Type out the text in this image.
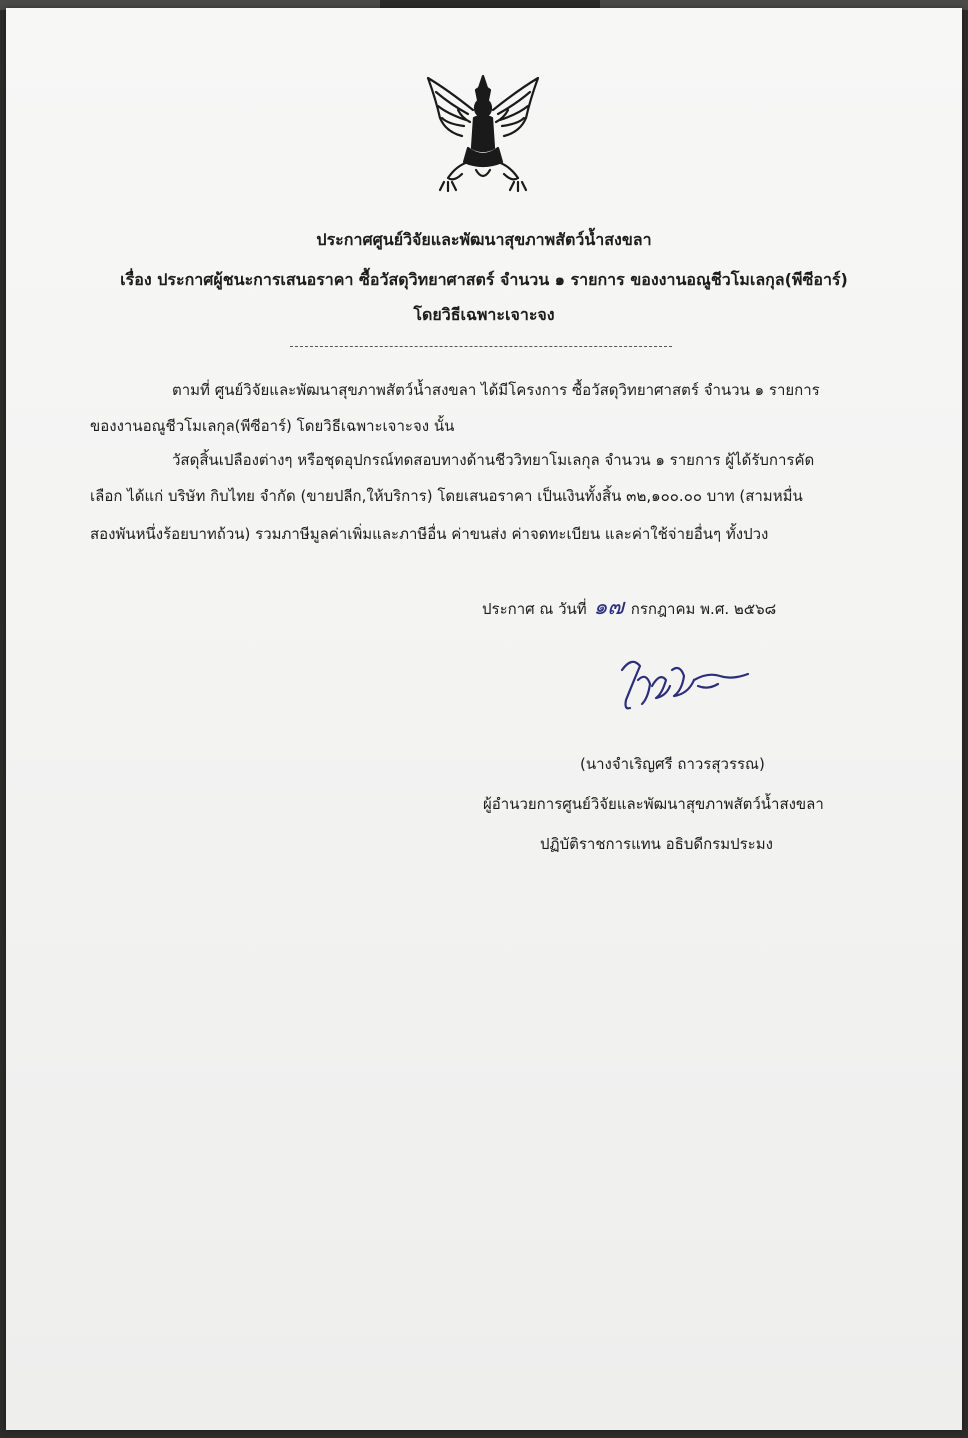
ประกาศศูนย์วิจัยและพัฒนาสุขภาพสัตว์น้ำสงขลา
เรื่อง ประกาศผู้ชนะการเสนอราคา ซื้อวัสดุวิทยาศาสตร์ จำนวน ๑ รายการ ของงานอณูชีวโมเลกุล(พีซีอาร์)
โดยวิธีเฉพาะเจาะจง
ตามที่ ศูนย์วิจัยและพัฒนาสุขภาพสัตว์น้ำสงขลา ได้มีโครงการ ซื้อวัสดุวิทยาศาสตร์ จำนวน ๑ รายการ
ของงานอณูชีวโมเลกุล(พีซีอาร์) โดยวิธีเฉพาะเจาะจง นั้น
วัสดุสิ้นเปลืองต่างๆ หรือชุดอุปกรณ์ทดสอบทางด้านชีววิทยาโมเลกุล จำนวน ๑ รายการ ผู้ได้รับการคัด
เลือก ได้แก่ บริษัท กิบไทย จำกัด (ขายปลีก,ให้บริการ) โดยเสนอราคา เป็นเงินทั้งสิ้น ๓๒,๑๐๐.๐๐ บาท (สามหมื่น
สองพันหนึ่งร้อยบาทถ้วน) รวมภาษีมูลค่าเพิ่มและภาษีอื่น ค่าขนส่ง ค่าจดทะเบียน และค่าใช้จ่ายอื่นๆ ทั้งปวง
ประกาศ ณ วันที่ ๑๗ กรกฎาคม พ.ศ. ๒๕๖๘
(นางจำเริญศรี ถาวรสุวรรณ)
ผู้อำนวยการศูนย์วิจัยและพัฒนาสุขภาพสัตว์น้ำสงขลา
ปฏิบัติราชการแทน อธิบดีกรมประมง
